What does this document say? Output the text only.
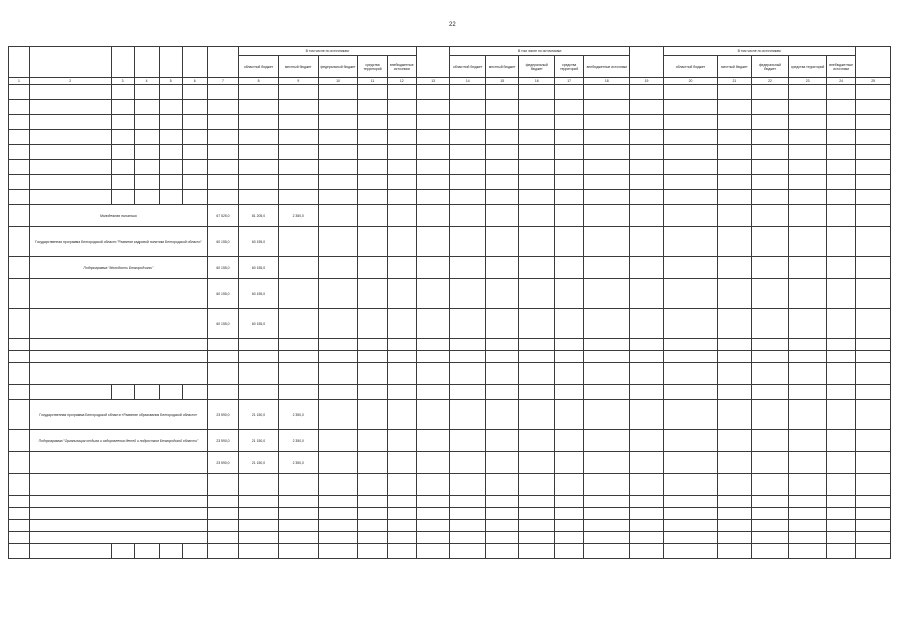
22
							В том числе по источникам:						В том числе по источникам:						В том числе по источникам:					
							областной бюджет	местный бюджет	федеральный бюджет	средства территорий	внебюджетные источники		областной бюджет	местный бюджет	федеральный бюджет	средства территорий	внебюджетные источники		областной бюджет	местный бюджет	федеральный бюджет	средства территорий	внебюджетные источники	
1	2	3	4	5	6	7	8	9	10	11	12	13	14	15	16	17	18	19	20	21	22	23	24	25

	Молодежная политика					67 525,0	81 205,0	2 350,0																
	Государственная программа Белгородской области "Развитие кадровой политики Белгородской области"					60 155,0	60 155,0																	
	Подпрограмма "Молодость Белгородчины"					60 155,0	60 155,0																	
						60 155,0	60 155,0																	
						60 155,0	60 155,0																	

	Государственная программа Белгородской области «Развитие образования Белгородской области»					23 590,0	21 150,0	2 350,0																
	Подпрограмма "Организация отдыха и оздоровления детей и подростков Белгородской области"					23 590,0	21 150,0	2 350,0																
						23 590,0	21 150,0	2 350,0																
